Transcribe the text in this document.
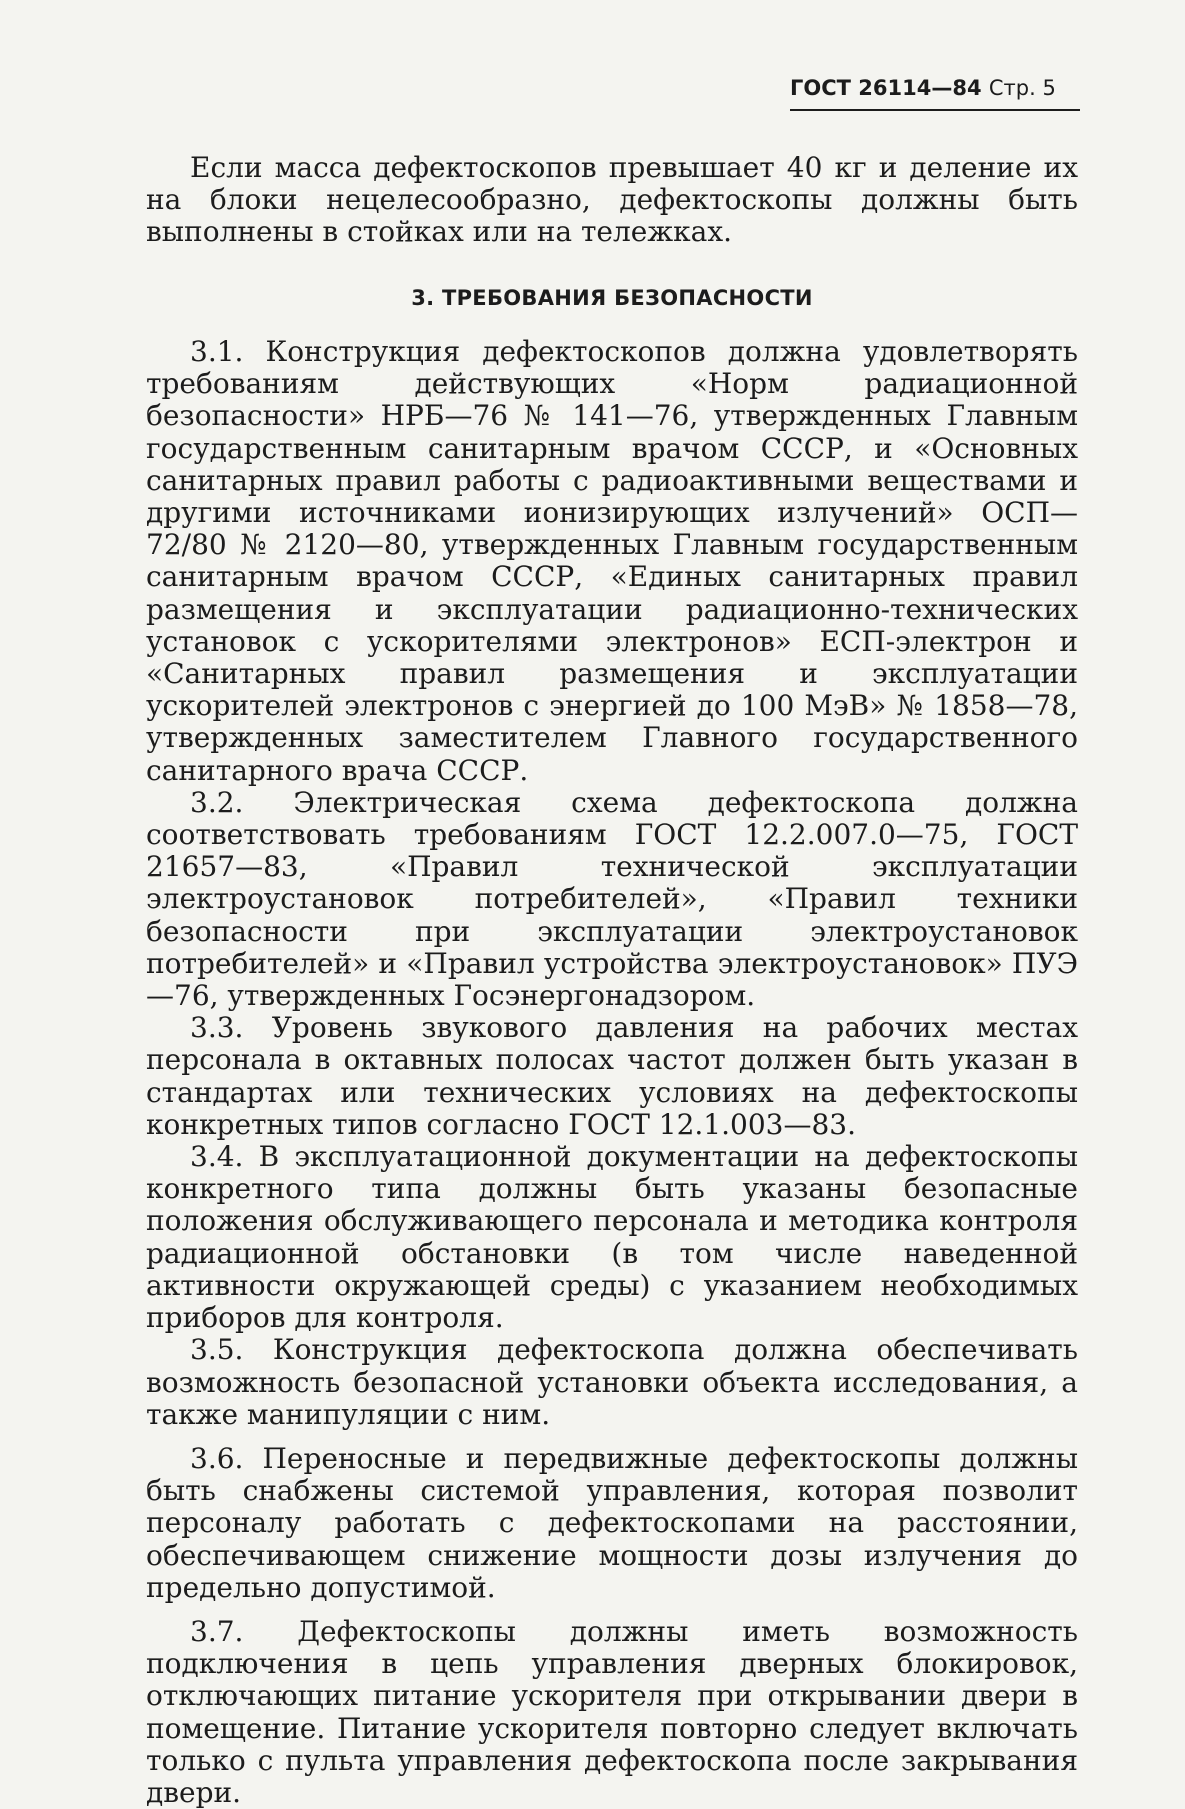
ГОСТ 26114—84 Стр. 5

Если масса дефектоскопов превышает 40 кг и деление их на блоки нецелесообразно, дефектоскопы должны быть выполнены в стойках или на тележках.

3. ТРЕБОВАНИЯ БЕЗОПАСНОСТИ

3.1. Конструкция дефектоскопов должна удовлетворять требованиям действующих «Норм радиационной безопасности» НРБ—76 № 141—76, утвержденных Главным государственным санитарным врачом СССР, и «Основных санитарных правил работы с радиоактивными веществами и другими источниками ионизирующих излучений» ОСП—72/80 № 2120—80, утвержденных Главным государственным санитарным врачом СССР, «Единых санитарных правил размещения и эксплуатации радиационно-технических установок с ускорителями электронов» ЕСП-электрон и «Санитарных правил размещения и эксплуатации ускорителей электронов с энергией до 100 МэВ» № 1858—78, утвержденных заместителем Главного государственного санитарного врача СССР.

3.2. Электрическая схема дефектоскопа должна соответствовать требованиям ГОСТ 12.2.007.0—75, ГОСТ 21657—83, «Правил технической эксплуатации электроустановок потребителей», «Правил техники безопасности при эксплуатации электроустановок потребителей» и «Правил устройства электроустановок» ПУЭ—76, утвержденных Госэнергонадзором.

3.3. Уровень звукового давления на рабочих местах персонала в октавных полосах частот должен быть указан в стандартах или технических условиях на дефектоскопы конкретных типов согласно ГОСТ 12.1.003—83.

3.4. В эксплуатационной документации на дефектоскопы конкретного типа должны быть указаны безопасные положения обслуживающего персонала и методика контроля радиационной обстановки (в том числе наведенной активности окружающей среды) с указанием необходимых приборов для контроля.

3.5. Конструкция дефектоскопа должна обеспечивать возможность безопасной установки объекта исследования, а также манипуляции с ним.

3.6. Переносные и передвижные дефектоскопы должны быть снабжены системой управления, которая позволит персоналу работать с дефектоскопами на расстоянии, обеспечивающем снижение мощности дозы излучения до предельно допустимой.

3.7. Дефектоскопы должны иметь возможность подключения в цепь управления дверных блокировок, отключающих питание ускорителя при открывании двери в помещение. Питание ускорителя повторно следует включать только с пульта управления дефектоскопа после закрывания двери.
